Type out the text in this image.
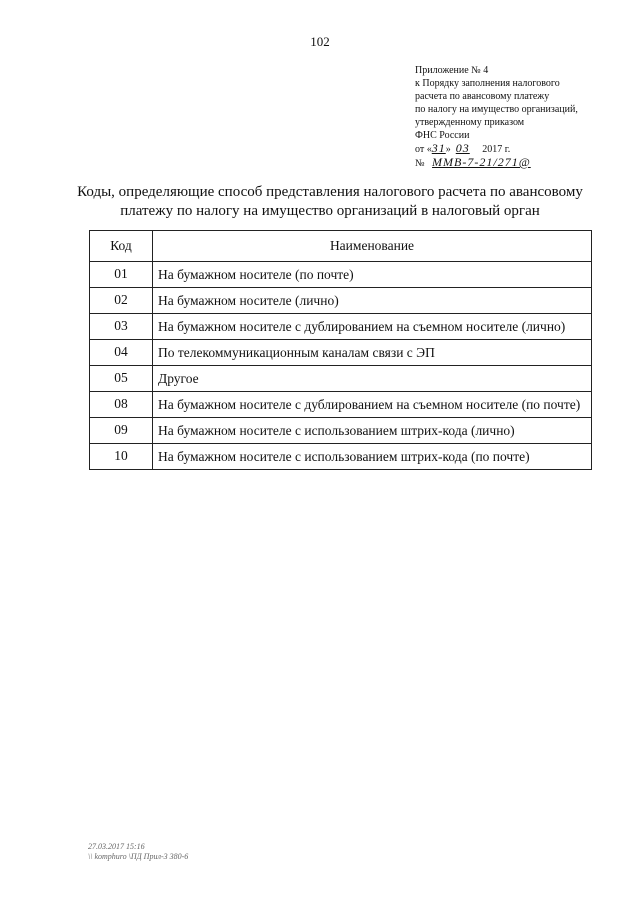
102
Приложение № 4
к Порядку заполнения налогового
расчета по авансовому платежу
по налогу на имущество организаций,
утвержденному приказом
ФНС России
от «31» 03 2017 г.
№ ММВ-7-21/271@
Коды, определяющие способ представления налогового расчета по авансовому платежу по налогу на имущество организаций в налоговый орган
Код	Наименование
01	На бумажном носителе (по почте)
02	На бумажном носителе (лично)
03	На бумажном носителе с дублированием на съемном носителе (лично)
04	По телекоммуникационным каналам связи с ЭП
05	Другое
08	На бумажном носителе с дублированием на съемном носителе (по почте)
09	На бумажном носителе с использованием штрих-кода (лично)
10	На бумажном носителе с использованием штрих-кода (по почте)
27.03.2017 15:16
\\ komphuro \ПД Прил-3 380-6
